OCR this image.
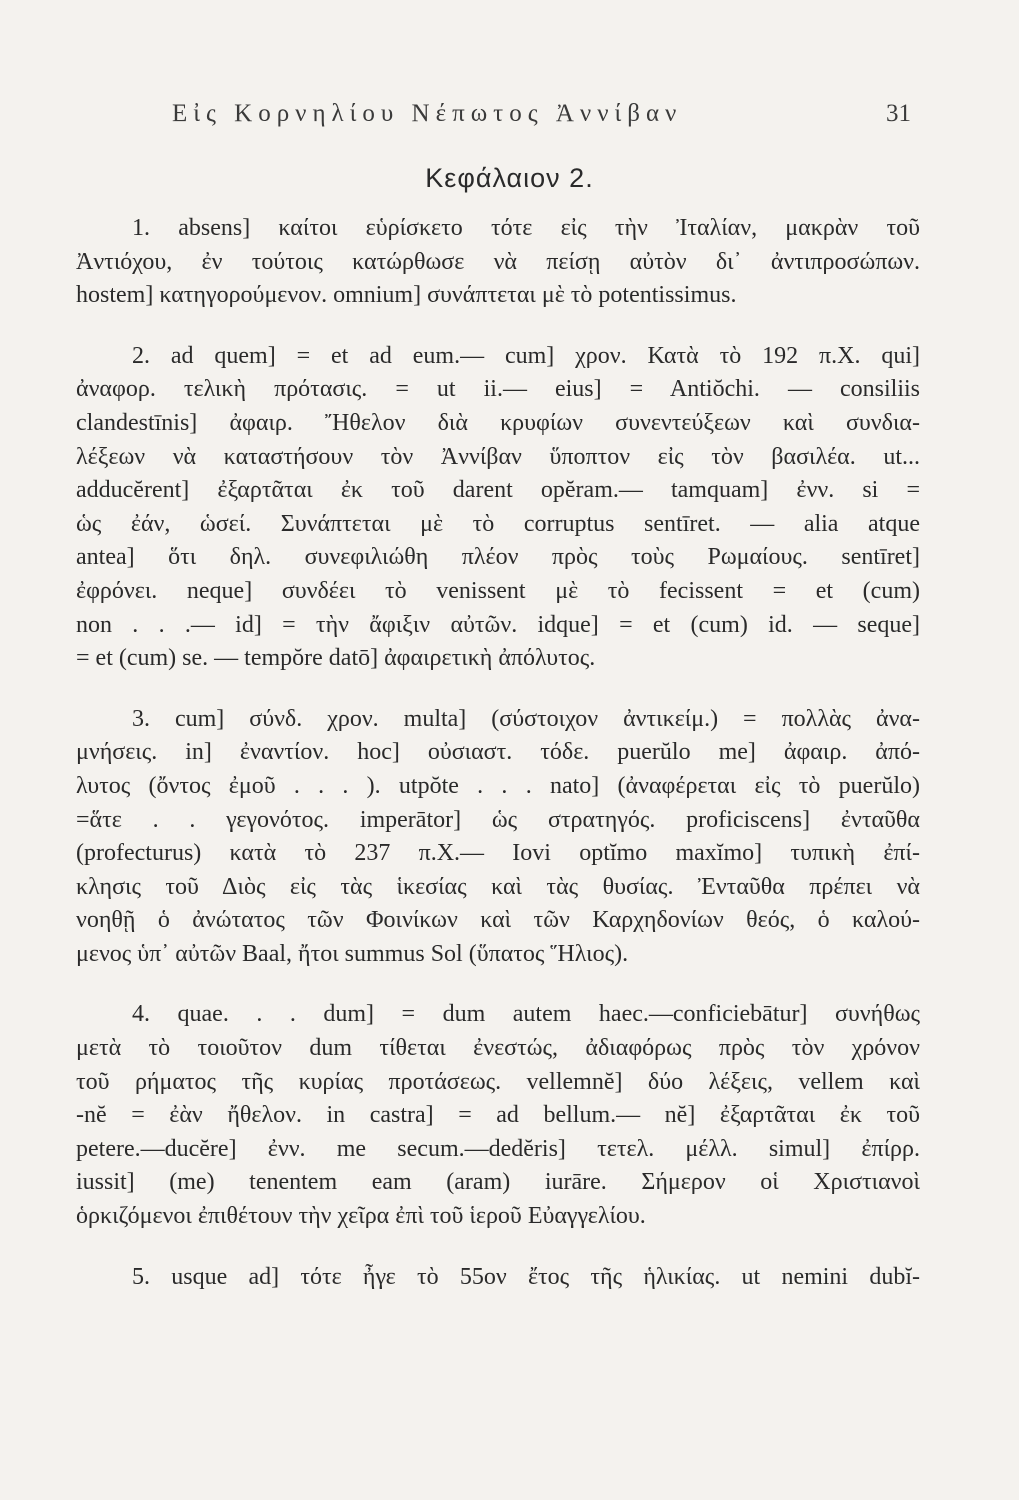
Εἰς Κορνηλίου Νέπωτος Ἀννίβαν	31
Κεφάλαιον 2.
1. absens] καίτοι εὑρίσκετο τότε εἰς τὴν Ἰταλίαν, μακρὰν τοῦ
Ἀντιόχου, ἐν τούτοις κατώρθωσε νὰ πείσῃ αὐτὸν δι᾽ ἀντιπροσώπων.
hostem] κατηγορούμενον. omnium] συνάπτεται μὲ τὸ potentissimus.
2. ad quem] = et ad eum.— cum] χρον. Κατὰ τὸ 192 π.Χ. qui]
ἀναφορ. τελικὴ πρότασις. = ut ii.— eius] = Antiŏchi. — consiliis
clandestīnis] ἀφαιρ. Ἤθελον διὰ κρυφίων συνεντεύξεων καὶ συνδια-
λέξεων νὰ καταστήσουν τὸν Ἀννίβαν ὕποπτον εἰς τὸν βασιλέα. ut...
adducĕrent] ἐξαρτᾶται ἐκ τοῦ darent opĕram.— tamquam] ἐνν. si =
ὡς ἐάν, ὡσεί. Συνάπτεται μὲ τὸ corruptus sentīret. — alia atque
antea] ὅτι δηλ. συνεφιλιώθη πλέον πρὸς τοὺς Ρωμαίους. sentīret]
ἐφρόνει. neque] συνδέει τὸ venissent μὲ τὸ fecissent = et (cum)
non . . .— id] = τὴν ἄφιξιν αὐτῶν. idque] = et (cum) id. — seque]
= et (cum) se. — tempŏre datō] ἀφαιρετικὴ ἀπόλυτος.
3. cum] σύνδ. χρον. multa] (σύστοιχον ἀντικείμ.) = πολλὰς ἀνα-
μνήσεις. in] ἐναντίον. hoc] οὐσιαστ. τόδε. puerŭlo me] ἀφαιρ. ἀπό-
λυτος (ὄντος ἐμοῦ . . . ). utpŏte . . . nato] (ἀναφέρεται εἰς τὸ puerŭlo)
=ἅτε . . γεγονότος. imperātor] ὡς στρατηγός. proficiscens] ἐνταῦθα
(profecturus) κατὰ τὸ 237 π.Χ.— Iovi optĭmo maxĭmo] τυπικὴ ἐπί-
κλησις τοῦ Διὸς εἰς τὰς ἱκεσίας καὶ τὰς θυσίας. Ἐνταῦθα πρέπει νὰ
νοηθῇ ὁ ἀνώτατος τῶν Φοινίκων καὶ τῶν Καρχηδονίων θεός, ὁ καλού-
μενος ὑπ᾽ αὐτῶν Baal, ἤτοι summus Sol (ὕπατος Ἥλιος).
4. quae. . . dum] = dum autem haec.—conficiebātur] συνήθως
μετὰ τὸ τοιοῦτον dum τίθεται ἐνεστώς, ἀδιαφόρως πρὸς τὸν χρόνον
τοῦ ρήματος τῆς κυρίας προτάσεως. vellemnĕ] δύο λέξεις, vellem καὶ
-nĕ = ἐὰν ἤθελον. in castra] = ad bellum.— nĕ] ἐξαρτᾶται ἐκ τοῦ
petere.—ducĕre] ἐνν. me secum.—dedĕris] τετελ. μέλλ. simul] ἐπίρρ.
iussit] (me) tenentem eam (aram) iurāre. Σήμερον οἱ Χριστιανοὶ
ὁρκιζόμενοι ἐπιθέτουν τὴν χεῖρα ἐπὶ τοῦ ἱεροῦ Εὐαγγελίου.
5. usque ad] τότε ἦγε τὸ 55ον ἔτος τῆς ἡλικίας. ut nemini dubĭ-
